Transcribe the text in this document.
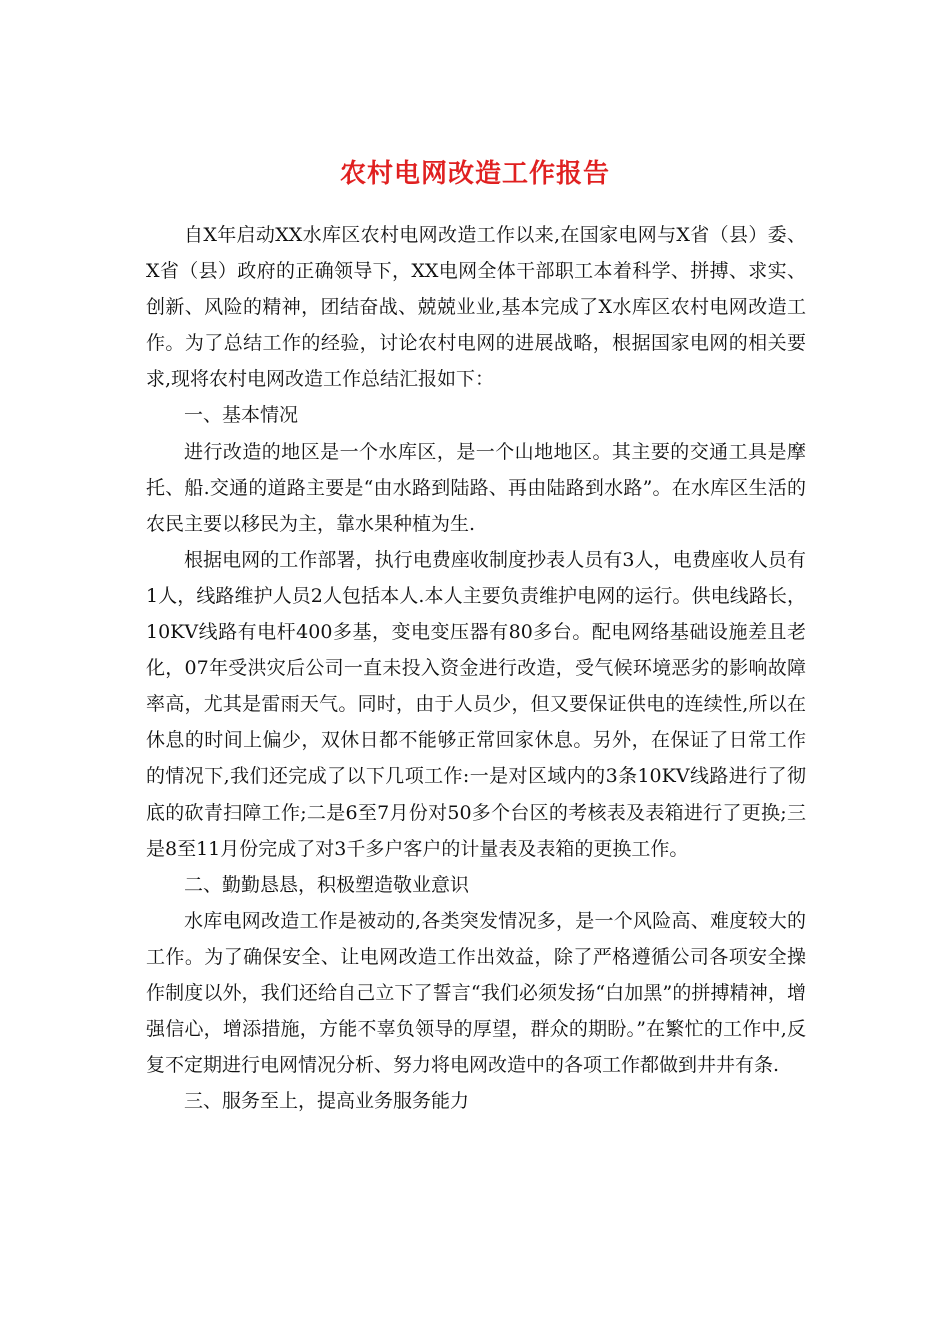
农村电网改造工作报告

自X年启动XX水库区农村电网改造工作以来,在国家电网与X省（县）委、X省（县）政府的正确领导下，XX电网全体干部职工本着科学、拼搏、求实、创新、风险的精神，团结奋战、兢兢业业,基本完成了X水库区农村电网改造工作。为了总结工作的经验，讨论农村电网的进展战略，根据国家电网的相关要求,现将农村电网改造工作总结汇报如下：

一、基本情况

进行改造的地区是一个水库区，是一个山地地区。其主要的交通工具是摩托、船.交通的道路主要是“由水路到陆路、再由陆路到水路”。在水库区生活的农民主要以移民为主，靠水果种植为生.

根据电网的工作部署，执行电费座收制度抄表人员有3人，电费座收人员有1人，线路维护人员2人包括本人.本人主要负责维护电网的运行。供电线路长，10KV线路有电杆400多基，变电变压器有80多台。配电网络基础设施差且老化，07年受洪灾后公司一直未投入资金进行改造，受气候环境恶劣的影响故障率高，尤其是雷雨天气。同时，由于人员少，但又要保证供电的连续性,所以在休息的时间上偏少，双休日都不能够正常回家休息。另外，在保证了日常工作的情况下,我们还完成了以下几项工作:一是对区域内的3条10KV线路进行了彻底的砍青扫障工作;二是6至7月份对50多个台区的考核表及表箱进行了更换;三是8至11月份完成了对3千多户客户的计量表及表箱的更换工作。

二、勤勤恳恳，积极塑造敬业意识

水库电网改造工作是被动的,各类突发情况多，是一个风险高、难度较大的工作。为了确保安全、让电网改造工作出效益，除了严格遵循公司各项安全操作制度以外，我们还给自己立下了誓言“我们必须发扬“白加黑”的拼搏精神，增强信心，增添措施，方能不辜负领导的厚望，群众的期盼。”在繁忙的工作中,反复不定期进行电网情况分析、努力将电网改造中的各项工作都做到井井有条.

三、服务至上，提高业务服务能力
